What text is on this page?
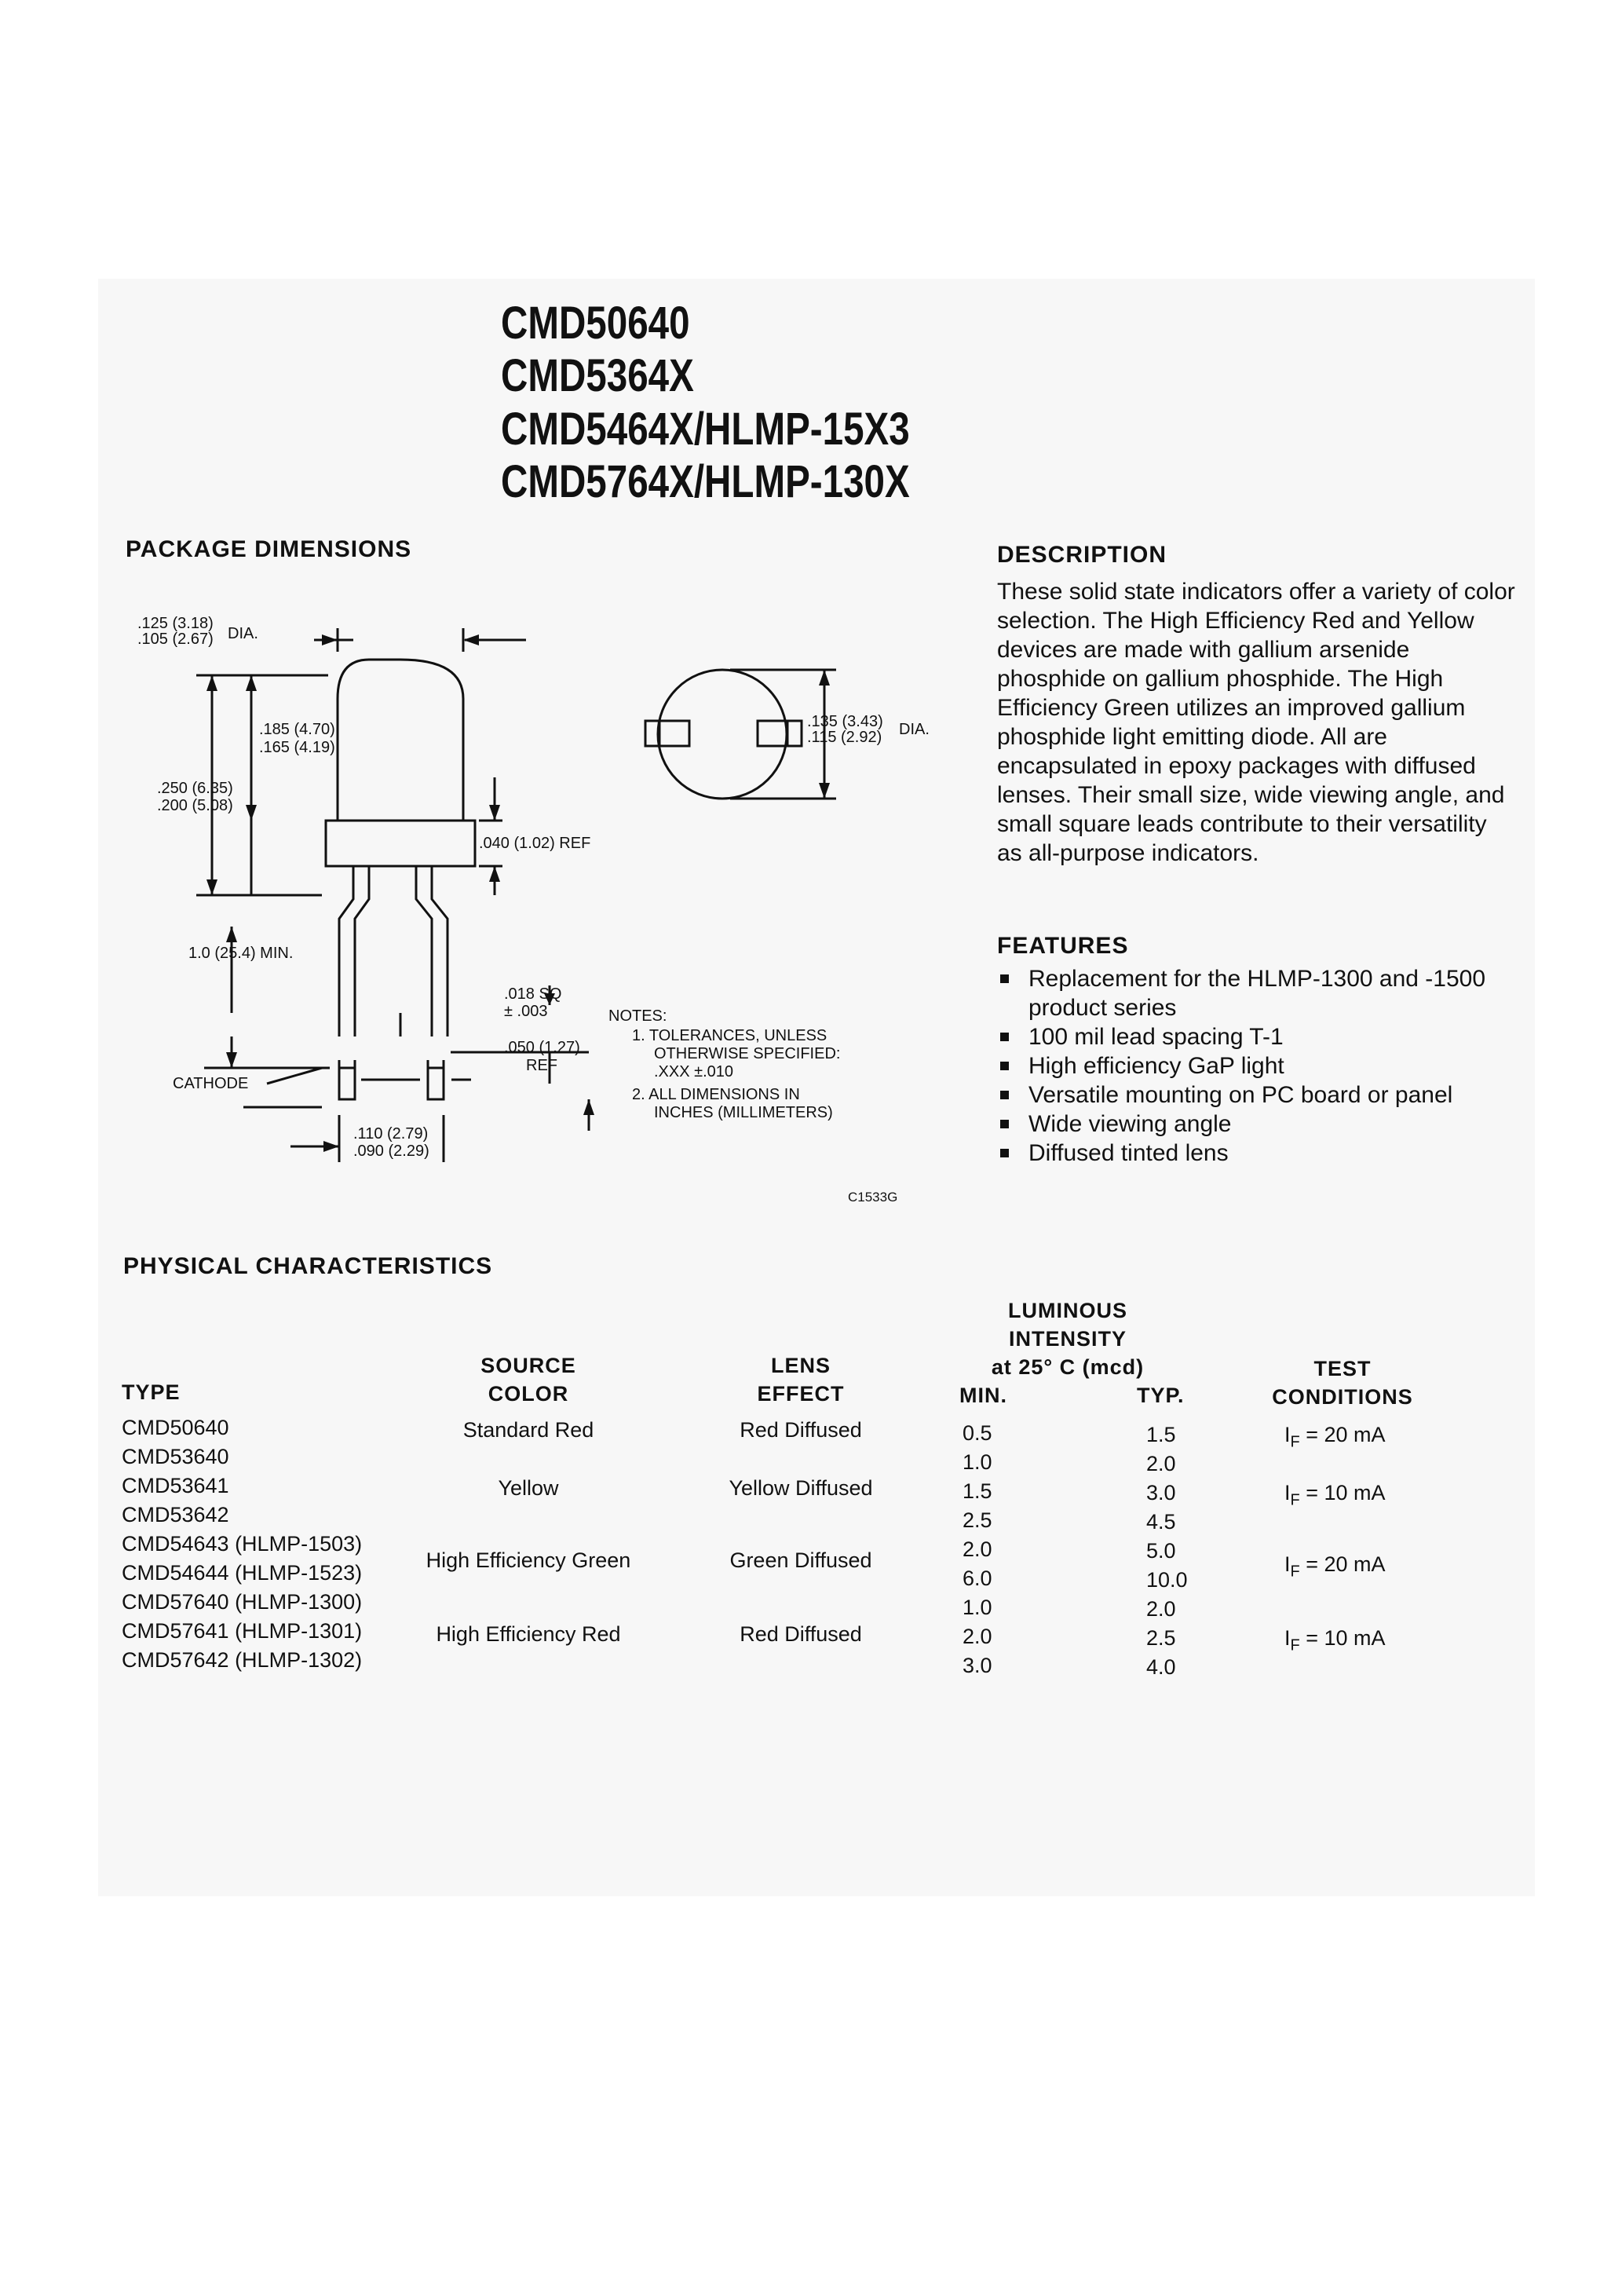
CMD50640
CMD5364X
CMD5464X/HLMP-15X3
CMD5764X/HLMP-130X
PACKAGE DIMENSIONS
.125 (3.18)
.105 (2.67) DIA.
.185 (4.70)
.165 (4.19)
.250 (6.35)
.200 (5.08)
.040 (1.02) REF
1.0 (25.4) MIN.
.018 SQ
± .003
.050 (1.27)
REF
CATHODE
.110 (2.79)
.090 (2.29)
.135 (3.43)
.115 (2.92) DIA.
NOTES:
1. TOLERANCES, UNLESS
OTHERWISE SPECIFIED:
.XXX ±.010
2. ALL DIMENSIONS IN
INCHES (MILLIMETERS)
C1533G
DESCRIPTION
These solid state indicators offer a variety of color selection. The High Efficiency Red and Yellow devices are made with gallium arsenide phosphide on gallium phosphide. The High Efficiency Green utilizes an improved gallium phosphide light emitting diode. All are encapsulated in epoxy packages with diffused lenses. Their small size, wide viewing angle, and small square leads contribute to their versatility as all-purpose indicators.
FEATURES
Replacement for the HLMP-1300 and -1500 product series
100 mil lead spacing T-1
High efficiency GaP light
Versatile mounting on PC board or panel
Wide viewing angle
Diffused tinted lens
PHYSICAL CHARACTERISTICS
TYPE
SOURCE
COLOR
LENS
EFFECT
LUMINOUS
INTENSITY
at 25° C (mcd)
MIN.	TYP.
TEST
CONDITIONS
CMD50640
CMD53640
CMD53641
CMD53642
CMD54643 (HLMP-1503)
CMD54644 (HLMP-1523)
CMD57640 (HLMP-1300)
CMD57641 (HLMP-1301)
CMD57642 (HLMP-1302)
Standard Red
Yellow
High Efficiency Green
High Efficiency Red
Red Diffused
Yellow Diffused
Green Diffused
Red Diffused
0.5
1.0
1.5
2.5
2.0
6.0
1.0
2.0
3.0
1.5
2.0
3.0
4.5
5.0
10.0
2.0
2.5
4.0
$I_F = 20$ mA
$I_F = 10$ mA
$I_F = 20$ mA
$I_F = 10$ mA
